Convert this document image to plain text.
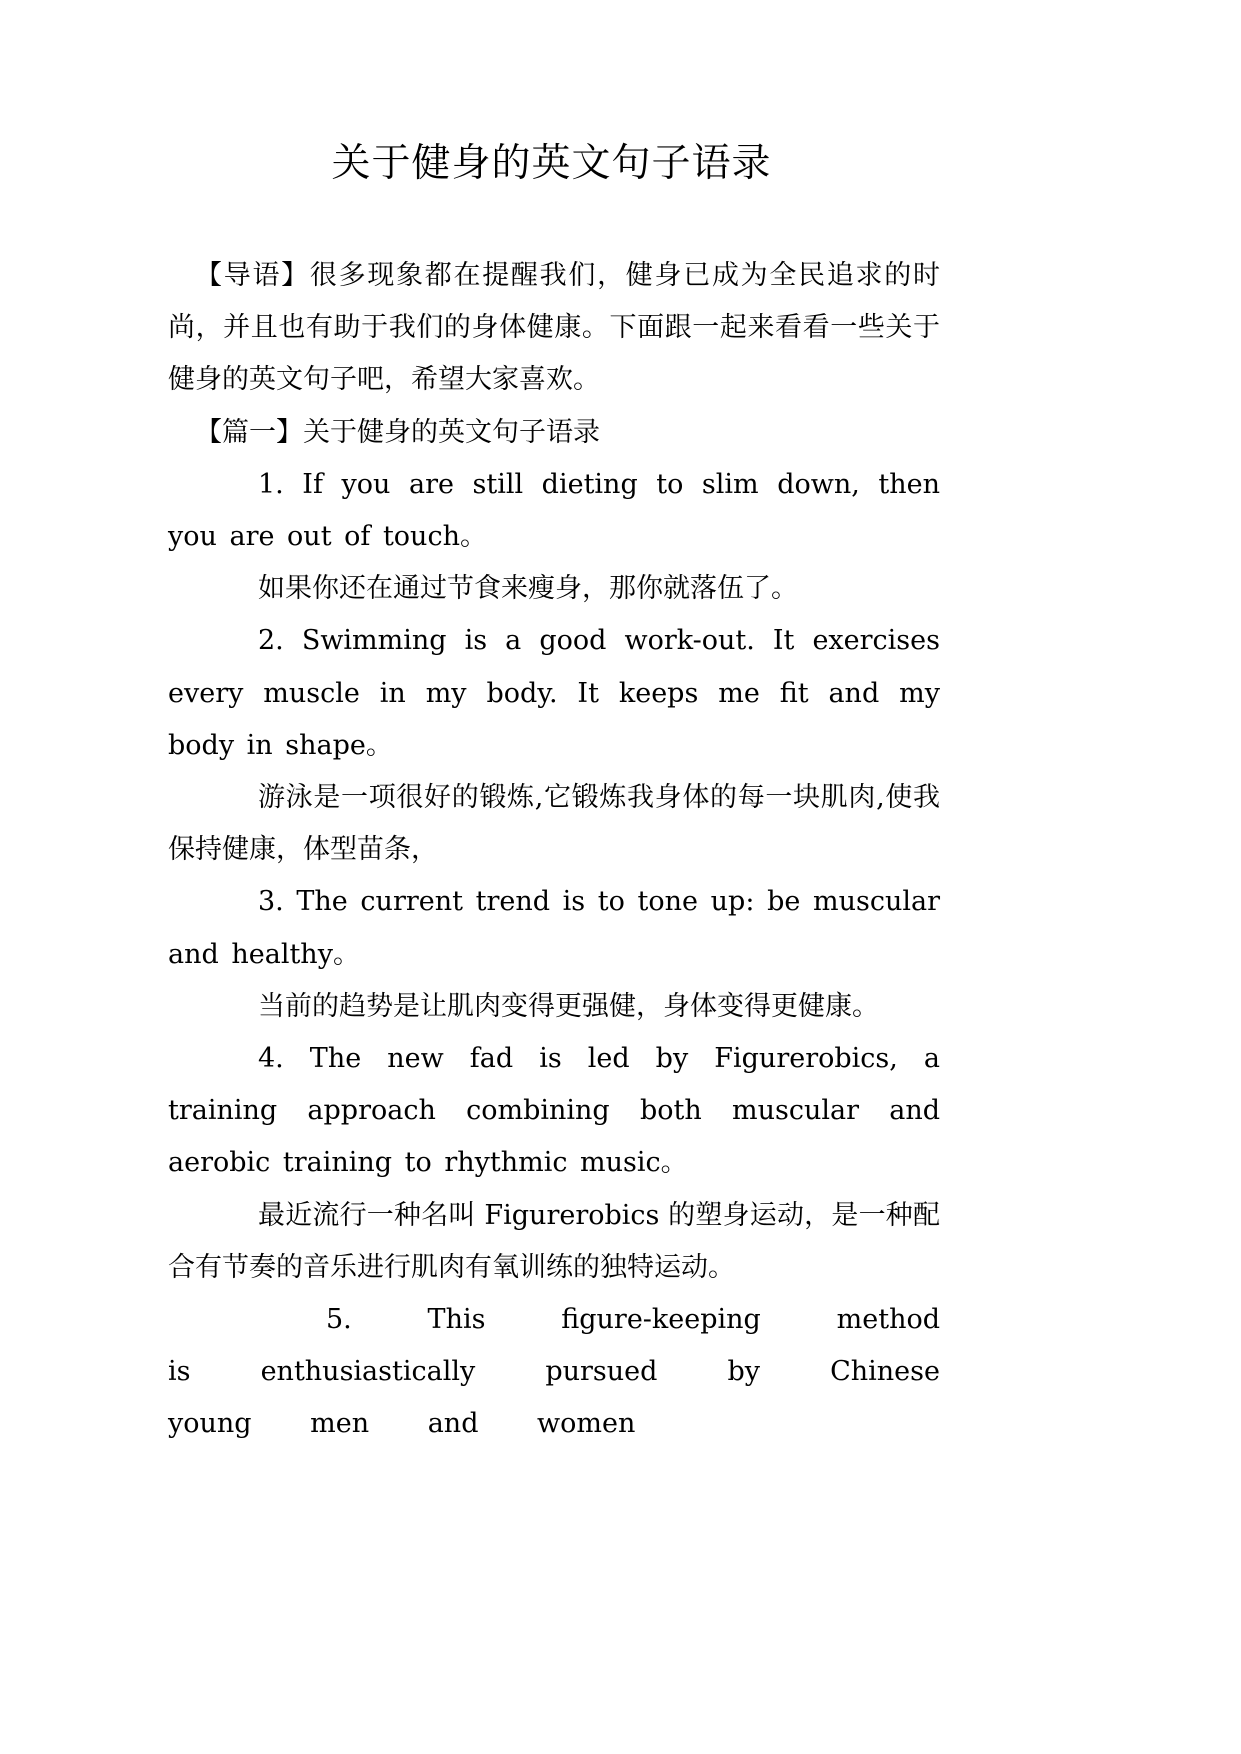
关于健身的英文句子语录

【导语】很多现象都在提醒我们，健身已成为全民追求的时尚，并且也有助于我们的身体健康。下面跟一起来看看一些关于健身的英文句子吧，希望大家喜欢。

【篇一】关于健身的英文句子语录

1. If you are still dieting to slim down, then you are out of touch。

如果你还在通过节食来瘦身，那你就落伍了。

2. Swimming is a good work-out. It exercises every muscle in my body. It keeps me fit and my body in shape。

游泳是一项很好的锻炼,它锻炼我身体的每一块肌肉,使我保持健康，体型苗条，

3. The current trend is to tone up: be muscular and healthy。

当前的趋势是让肌肉变得更强健，身体变得更健康。

4. The new fad is led by Figurerobics, a training approach combining both muscular and aerobic training to rhythmic music。

最近流行一种名叫 Figurerobics 的塑身运动，是一种配合有节奏的音乐进行肌肉有氧训练的独特运动。

5. This figure-keeping method is enthusiastically pursued by Chinese young men and women
